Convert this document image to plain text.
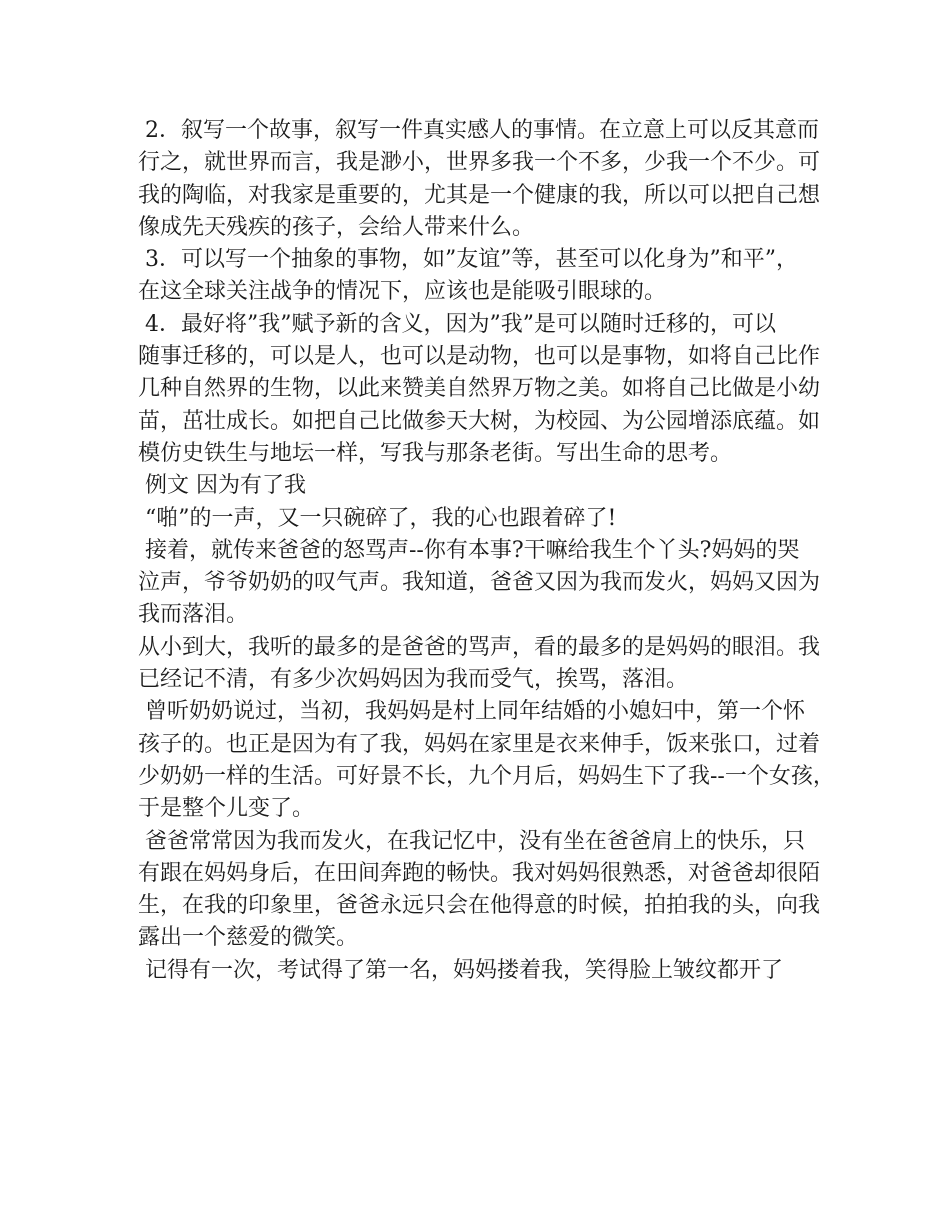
2．叙写一个故事，叙写一件真实感人的事情。在立意上可以反其意而
行之，就世界而言，我是渺小，世界多我一个不多，少我一个不少。可
我的陶临，对我家是重要的，尤其是一个健康的我，所以可以把自己想
像成先天残疾的孩子，会给人带来什么。
3．可以写一个抽象的事物，如”友谊”等，甚至可以化身为”和平”，
在这全球关注战争的情况下，应该也是能吸引眼球的。
4．最好将”我”赋予新的含义，因为”我”是可以随时迁移的，可以
随事迁移的，可以是人，也可以是动物，也可以是事物，如将自己比作
几种自然界的生物，以此来赞美自然界万物之美。如将自己比做是小幼
苗，茁壮成长。如把自己比做参天大树，为校园、为公园增添底蕴。如
模仿史铁生与地坛一样，写我与那条老街。写出生命的思考。
例文 因为有了我
“啪”的一声，又一只碗碎了，我的心也跟着碎了!
接着，就传来爸爸的怒骂声--你有本事?干嘛给我生个丫头?妈妈的哭
泣声，爷爷奶奶的叹气声。我知道，爸爸又因为我而发火，妈妈又因为
我而落泪。
从小到大，我听的最多的是爸爸的骂声，看的最多的是妈妈的眼泪。我
已经记不清，有多少次妈妈因为我而受气，挨骂，落泪。
曾听奶奶说过，当初，我妈妈是村上同年结婚的小媳妇中，第一个怀
孩子的。也正是因为有了我，妈妈在家里是衣来伸手，饭来张口，过着
少奶奶一样的生活。可好景不长，九个月后，妈妈生下了我--一个女孩，
于是整个儿变了。
爸爸常常因为我而发火，在我记忆中，没有坐在爸爸肩上的快乐，只
有跟在妈妈身后，在田间奔跑的畅快。我对妈妈很熟悉，对爸爸却很陌
生，在我的印象里，爸爸永远只会在他得意的时候，拍拍我的头，向我
露出一个慈爱的微笑。
记得有一次，考试得了第一名，妈妈搂着我，笑得脸上皱纹都开了
